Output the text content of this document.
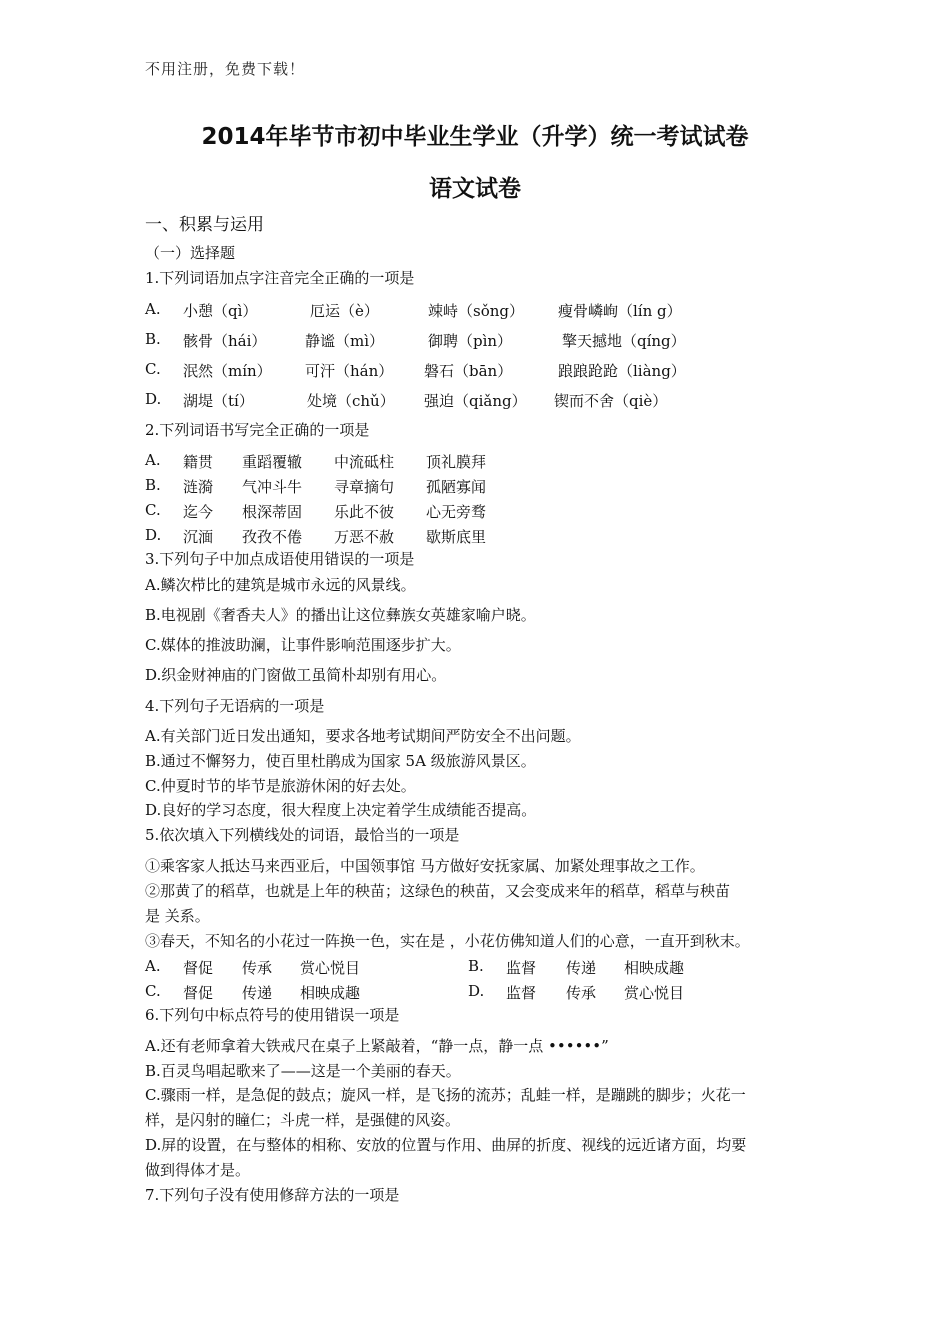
不用注册，免费下载！
2014年毕节市初中毕业生学业（升学）统一考试试卷
语文试卷
一、积累与运用
（一）选择题
1.下列词语加点字注音完全正确的一项是
A. 小憩（qì）	厄运（è）	竦峙（sǒng） 瘦骨嶙峋（lín g）
B. 骸骨（hái）	静谧（mì）	御聘（pìn）	擎天撼地（qíng）
C. 泯然（mín） 可汗（hán） 磐石（bān）	踉踉跄跄（liàng）
D. 湖堤（tí）	处境（chǔ） 强迫（qiǎng） 锲而不舍（qiè）
2.下列词语书写完全正确的一项是
A. 籍贯 重蹈覆辙 中流砥柱 顶礼膜拜
B. 涟漪 气冲斗牛 寻章摘句 孤陋寡闻
C. 迄今 根深蒂固 乐此不彼 心无旁骛
D. 沉湎 孜孜不倦 万恶不赦 歇斯底里
3.下列句子中加点成语使用错误的一项是
A.鳞次栉比的建筑是城市永远的风景线。
B.电视剧《奢香夫人》的播出让这位彝族女英雄家喻户晓。
C.媒体的推波助澜，让事件影响范围逐步扩大。
D.织金财神庙的门窗做工虽简朴却别有用心。
4.下列句子无语病的一项是
A.有关部门近日发出通知，要求各地考试期间严防安全不出问题。
B.通过不懈努力，使百里杜鹃成为国家 5A 级旅游风景区。
C.仲夏时节的毕节是旅游休闲的好去处。
D.良好的学习态度，很大程度上决定着学生成绩能否提高。
5.依次填入下列横线处的词语，最恰当的一项是
①乘客家人抵达马来西亚后，中国领事馆 马方做好安抚家属、加紧处理事故之工作。
②那黄了的稻草，也就是上年的秧苗；这绿色的秧苗，又会变成来年的稻草，稻草与秧苗
是 关系。
③春天，不知名的小花过一阵换一色，实在是 ，小花仿佛知道人们的心意，一直开到秋末。
A. 督促 传承 赏心悦目	B. 监督 传递 相映成趣
C. 督促 传递 相映成趣	D. 监督 传承 赏心悦目
6.下列句中标点符号的使用错误一项是
A.还有老师拿着大铁戒尺在桌子上紧敲着，“静一点，静一点 ••••••”
B.百灵鸟唱起歌来了——这是一个美丽的春天。
C.骤雨一样，是急促的鼓点；旋风一样，是飞扬的流苏；乱蛙一样，是蹦跳的脚步；火花一
样，是闪射的瞳仁；斗虎一样，是强健的风姿。
D.屏的设置，在与整体的相称、安放的位置与作用、曲屏的折度、视线的远近诸方面，均要
做到得体才是。
7.下列句子没有使用修辞方法的一项是
